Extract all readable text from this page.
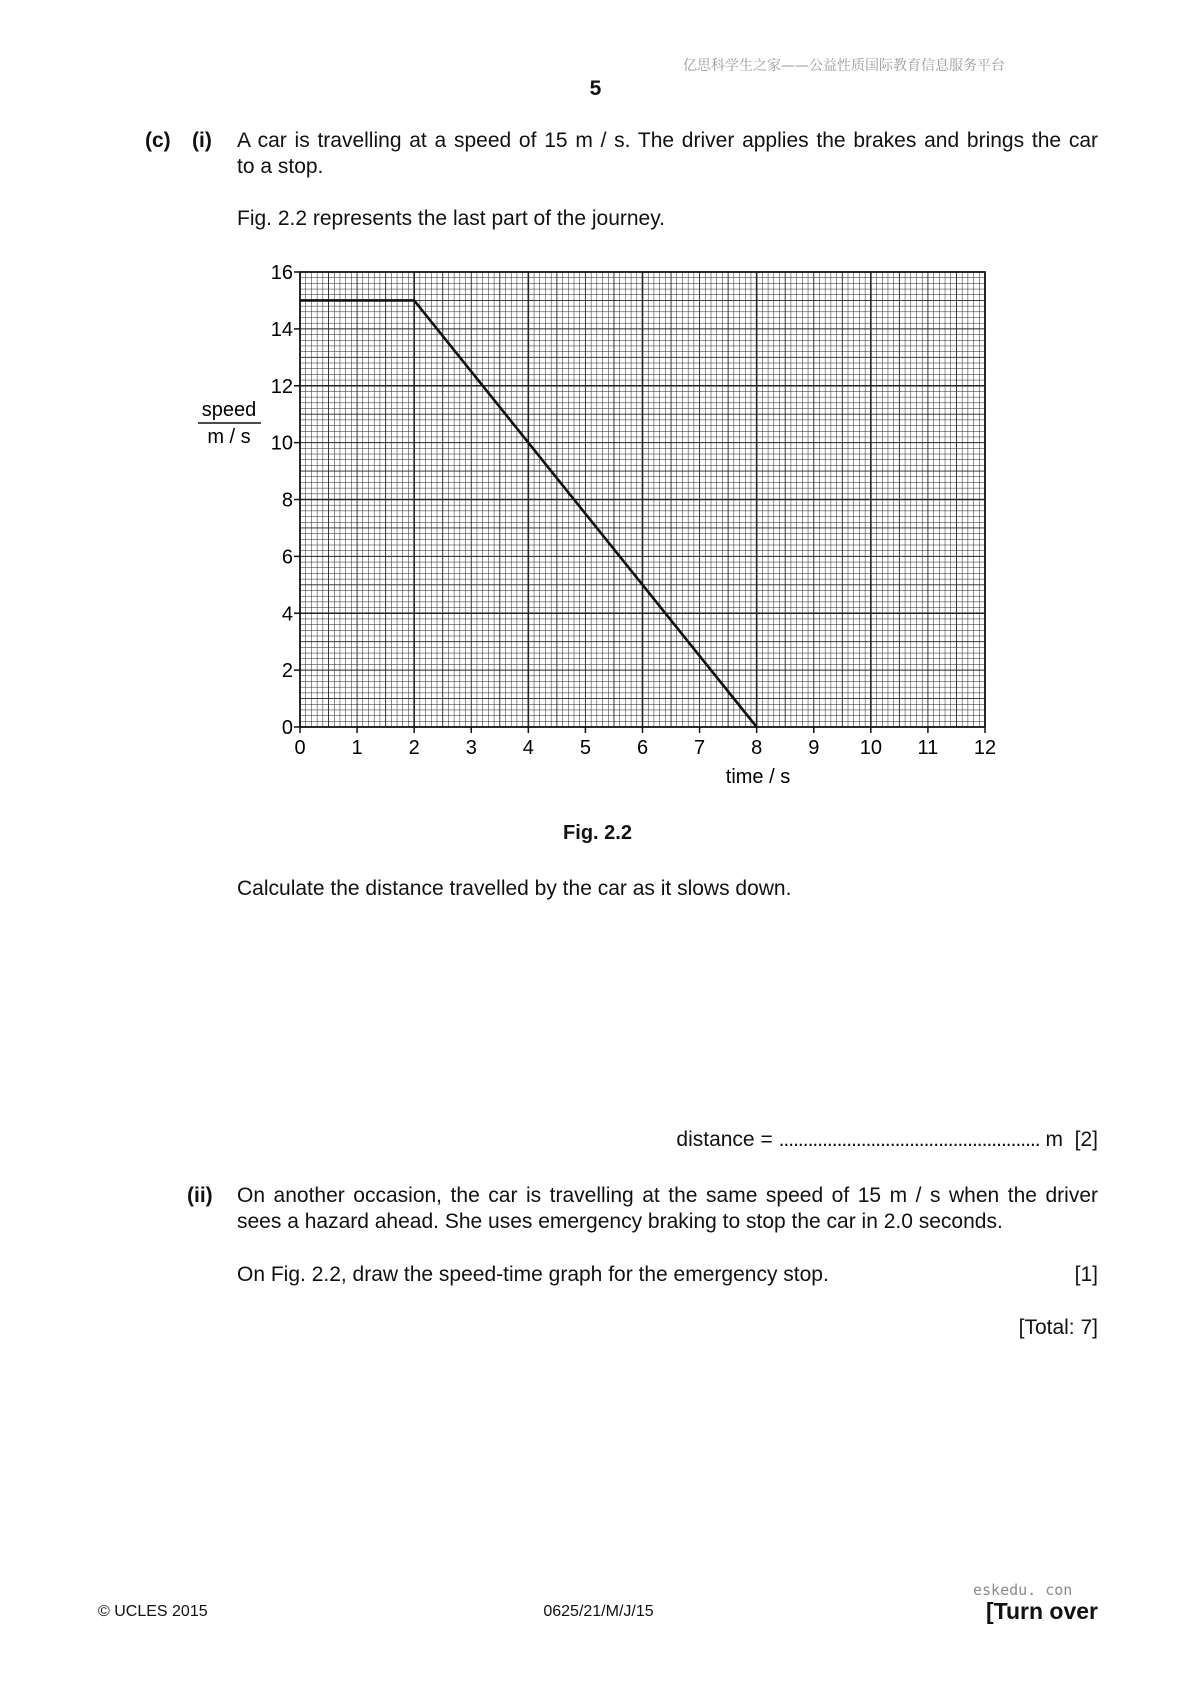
亿思科学生之家——公益性质国际教育信息服务平台
5
(c) (i) A car is travelling at a speed of 15 m / s. The driver applies the brakes and brings the car
to a stop.
Fig. 2.2 represents the last part of the journey.
0 1 2 3 4 5 6 7 8 9 10 11 12
0
2
4
6
8
10
12
14
16
time / s
speed
m / s
Fig. 2.2
Calculate the distance travelled by the car as it slows down.
distance = ...................................................... m [2]
(ii) On another occasion, the car is travelling at the same speed of 15 m / s when the driver
sees a hazard ahead. She uses emergency braking to stop the car in 2.0 seconds.
On Fig. 2.2, draw the speed-time graph for the emergency stop.	[1]
[Total: 7]
eskedu. con
© UCLES 2015	0625/21/M/J/15	[Turn over
